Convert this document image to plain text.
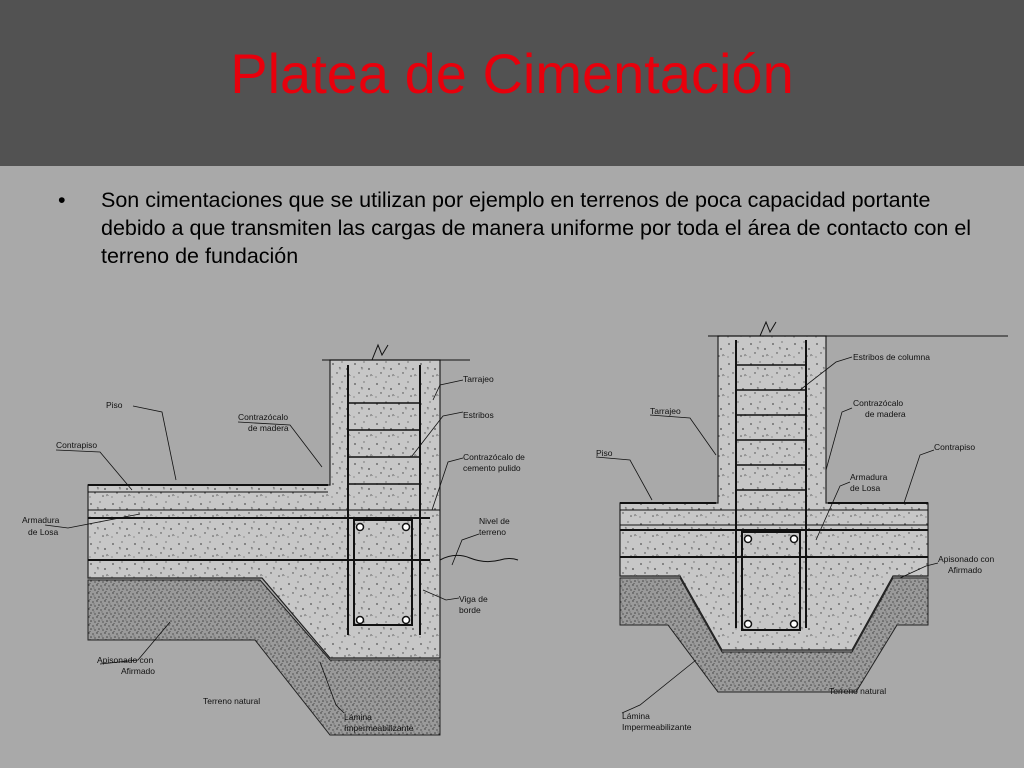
Platea de Cimentación
• Son cimentaciones que se utilizan por ejemplo en terrenos de poca capacidad portante debido a que transmiten las cargas de manera uniforme por toda el área de contacto con el terreno de fundación
Tarrajeo
Piso
Contrazócalo
de madera
Estribos
Contrapiso
Contrazócalo de
cemento pulido
Armadura
de Losa
Nivel de
terreno
Viga de
borde
Apisonado con
Afirmado
Terreno natural
Lámina
Impermeabilizante
Estribos de columna
Tarrajeo
Contrazócalo
de madera
Piso
Contrapiso
Armadura
de Losa
Apisonado con
Afirmado
Terreno natural
Lámina
Impermeabilizante
